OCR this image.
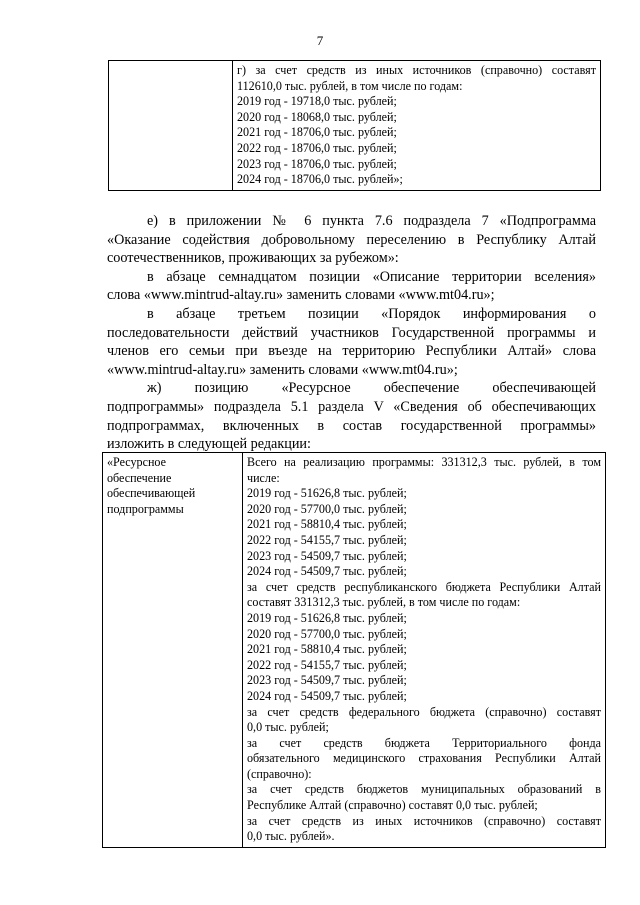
7

г) за счет средств из иных источников (справочно) составят
112610,0 тыс. рублей, в том числе по годам:
2019 год - 19718,0 тыс. рублей;
2020 год - 18068,0 тыс. рублей;
2021 год - 18706,0 тыс. рублей;
2022 год - 18706,0 тыс. рублей;
2023 год - 18706,0 тыс. рублей;
2024 год - 18706,0 тыс. рублей»;
е) в приложении № 6 пункта 7.6 подраздела 7 «Подпрограмма
«Оказание содействия добровольному переселению в Республику Алтай
соотечественников, проживающих за рубежом»:
в абзаце семнадцатом позиции «Описание территории вселения»
слова «www.mintrud-altay.ru» заменить словами «www.mt04.ru»;
в абзаце третьем позиции «Порядок информирования о
последовательности действий участников Государственной программы и
членов его семьи при въезде на территорию Республики Алтай» слова
«www.mintrud-altay.ru» заменить словами «www.mt04.ru»;
ж) позицию «Ресурсное обеспечение обеспечивающей
подпрограммы» подраздела 5.1 раздела V «Сведения об обеспечивающих
подпрограммах, включенных в состав государственной программы»
изложить в следующей редакции:
«Ресурсное
обеспечение
обеспечивающей
подпрограммы

Всего на реализацию программы: 331312,3 тыс. рублей, в том
числе:
2019 год - 51626,8 тыс. рублей;
2020 год - 57700,0 тыс. рублей;
2021 год - 58810,4 тыс. рублей;
2022 год - 54155,7 тыс. рублей;
2023 год - 54509,7 тыс. рублей;
2024 год - 54509,7 тыс. рублей;
за счет средств республиканского бюджета Республики Алтай
составят 331312,3 тыс. рублей, в том числе по годам:
2019 год - 51626,8 тыс. рублей;
2020 год - 57700,0 тыс. рублей;
2021 год - 58810,4 тыс. рублей;
2022 год - 54155,7 тыс. рублей;
2023 год - 54509,7 тыс. рублей;
2024 год - 54509,7 тыс. рублей;
за счет средств федерального бюджета (справочно) составят
0,0 тыс. рублей;
за счет средств бюджета Территориального фонда
обязательного медицинского страхования Республики Алтай
(справочно):
за счет средств бюджетов муниципальных образований в
Республике Алтай (справочно) составят 0,0 тыс. рублей;
за счет средств из иных источников (справочно) составят
0,0 тыс. рублей».
